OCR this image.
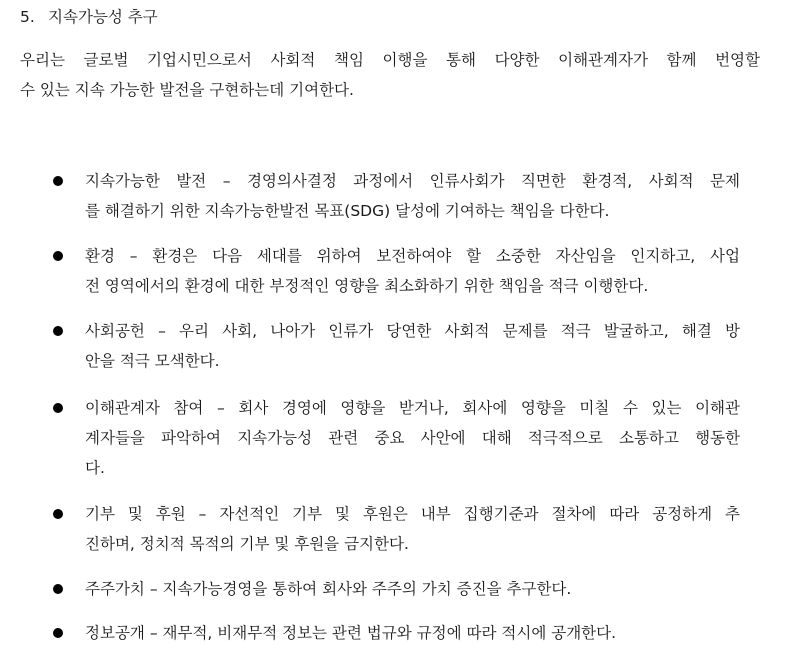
5. 지속가능성 추구
우리는 글로벌 기업시민으로서 사회적 책임 이행을 통해 다양한 이해관계자가 함께 번영할
수 있는 지속 가능한 발전을 구현하는데 기여한다.
지속가능한 발전 – 경영의사결정 과정에서 인류사회가 직면한 환경적, 사회적 문제
를 해결하기 위한 지속가능한발전 목표(SDG) 달성에 기여하는 책임을 다한다.
환경 – 환경은 다음 세대를 위하여 보전하여야 할 소중한 자산임을 인지하고, 사업
전 영역에서의 환경에 대한 부정적인 영향을 최소화하기 위한 책임을 적극 이행한다.
사회공헌 – 우리 사회, 나아가 인류가 당연한 사회적 문제를 적극 발굴하고, 해결 방
안을 적극 모색한다.
이해관계자 참여 – 회사 경영에 영향을 받거나, 회사에 영향을 미칠 수 있는 이해관
계자들을 파악하여 지속가능성 관련 중요 사안에 대해 적극적으로 소통하고 행동한
다.
기부 및 후원 – 자선적인 기부 및 후원은 내부 집행기준과 절차에 따라 공정하게 추
진하며, 정치적 목적의 기부 및 후원을 금지한다.
주주가치 – 지속가능경영을 통하여 회사와 주주의 가치 증진을 추구한다.
정보공개 – 재무적, 비재무적 정보는 관련 법규와 규정에 따라 적시에 공개한다.
